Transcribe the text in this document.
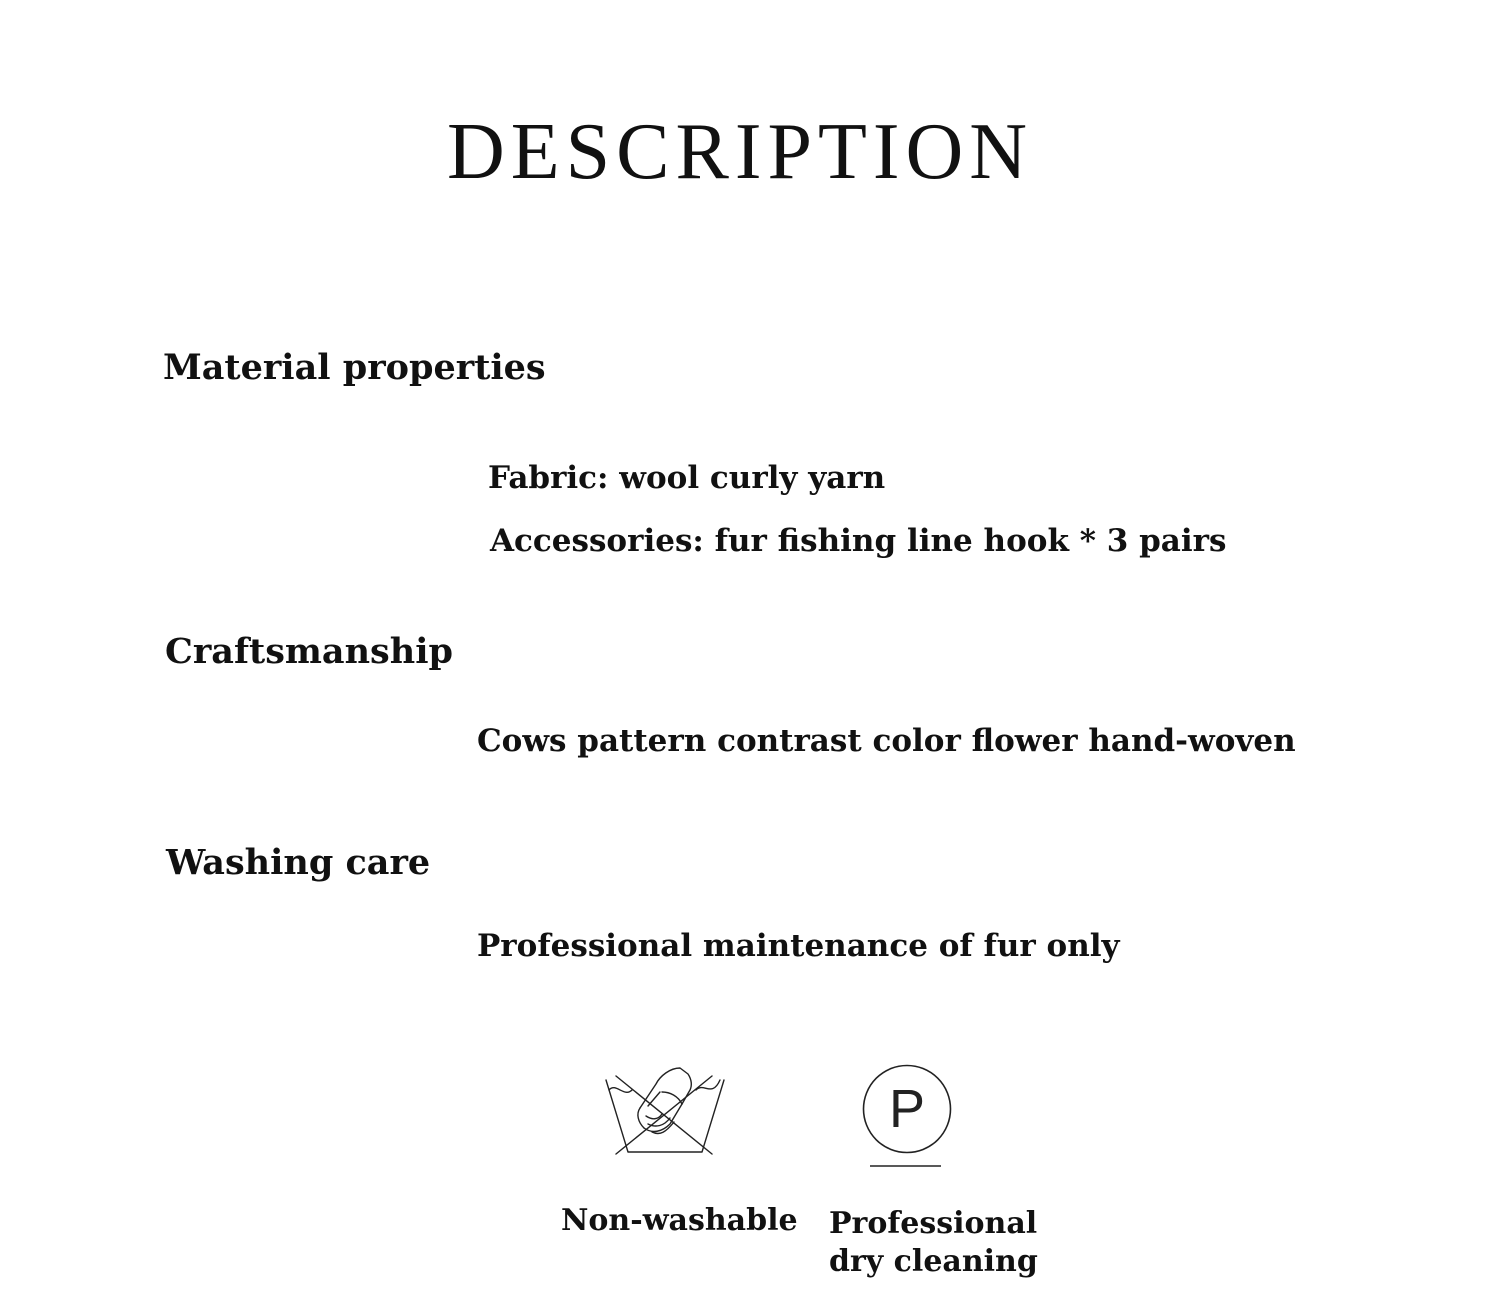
DESCRIPTION
Material properties
Fabric: wool curly yarn
Accessories: fur fishing line hook * 3 pairs
Craftsmanship
Cows pattern contrast color flower hand-woven
Washing care
Professional maintenance of fur only
Non-washable
P
Professional
dry cleaning
